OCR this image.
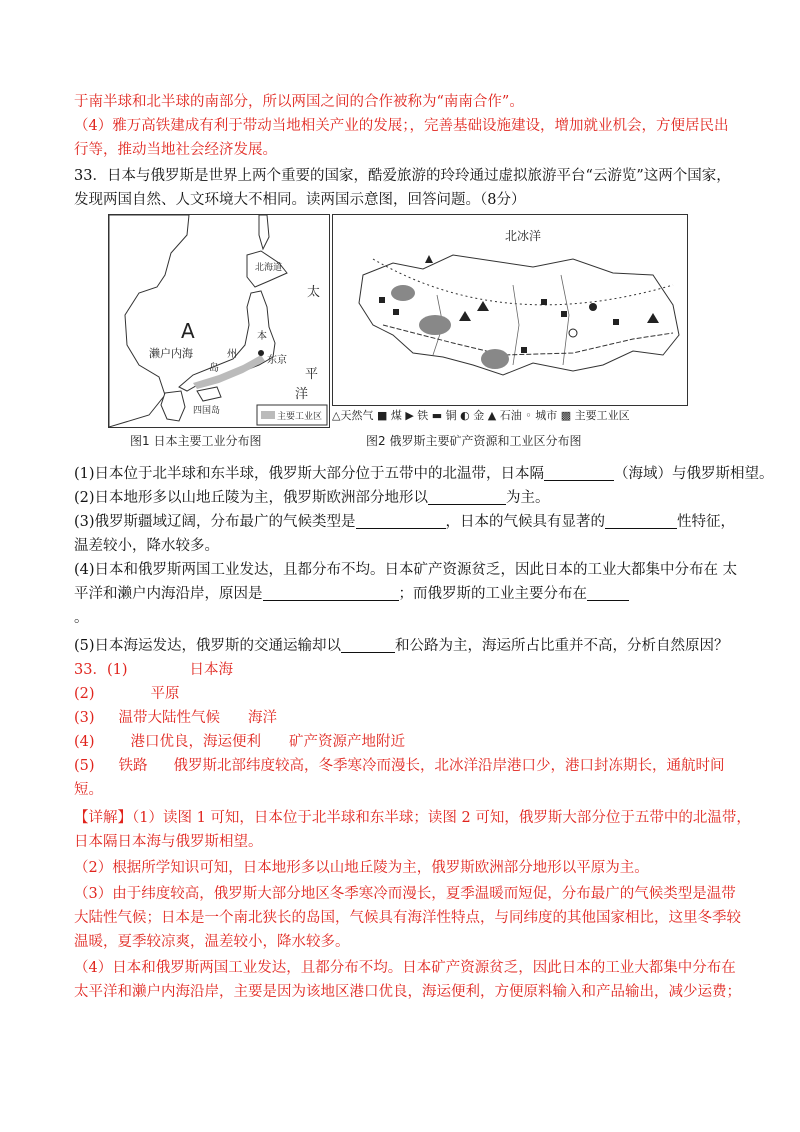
于南半球和北半球的南部分，所以两国之间的合作被称为“南南合作”。
（4）雅万高铁建成有利于带动当地相关产业的发展；，完善基础设施建设，增加就业机会，方便居民出
行等，推动当地社会经济发展。
33．日本与俄罗斯是世界上两个重要的国家，酷爱旅游的玲玲通过虚拟旅游平台“云游览”这两个国家，
发现两国自然、人文环境大不相同。读两国示意图，回答问题。（8分）
A
北海道
太
平
洋
濑户内海
本
州
岛
东京
四国岛
主要工业区
图1 日本主要工业分布图
北冰洋
△天然气 ■ 煤 ▶ 铁 ▬ 铜 ◐ 金 ▲ 石油 ◦ 城市 ▩ 主要工业区
图2 俄罗斯主要矿产资源和工业区分布图
(1)日本位于北半球和东半球，俄罗斯大部分位于五带中的北温带，日本隔	（海域）与俄罗斯相望。
(2)日本地形多以山地丘陵为主，俄罗斯欧洲部分地形以	为主。
(3)俄罗斯疆域辽阔，分布最广的气候类型是	，日本的气候具有显著的	性特征，
温差较小，降水较多。
(4)日本和俄罗斯两国工业发达，且都分布不均。日本矿产资源贫乏，因此日本的工业大都集中分布在 太
平洋和濑户内海沿岸，原因是	；而俄罗斯的工业主要分布在
。
(5)日本海运发达，俄罗斯的交通运输却以	和公路为主，海运所占比重并不高，分析自然原因？
33．(1)	日本海
(2)	平原
(3) 温带大陆性气候 海洋
(4) 港口优良，海运便利 矿产资源产地附近
(5) 铁路 俄罗斯北部纬度较高，冬季寒冷而漫长，北冰洋沿岸港口少，港口封冻期长，通航时间
短。
【详解】（1）读图 1 可知，日本位于北半球和东半球；读图 2 可知，俄罗斯大部分位于五带中的北温带，
日本隔日本海与俄罗斯相望。
（2）根据所学知识可知，日本地形多以山地丘陵为主，俄罗斯欧洲部分地形以平原为主。
（3）由于纬度较高，俄罗斯大部分地区冬季寒冷而漫长，夏季温暖而短促，分布最广的气候类型是温带
大陆性气候；日本是一个南北狭长的岛国，气候具有海洋性特点，与同纬度的其他国家相比，这里冬季较
温暖，夏季较凉爽，温差较小，降水较多。
（4）日本和俄罗斯两国工业发达，且都分布不均。日本矿产资源贫乏，因此日本的工业大都集中分布在
太平洋和濑户内海沿岸，主要是因为该地区港口优良，海运便利，方便原料输入和产品输出，减少运费；
